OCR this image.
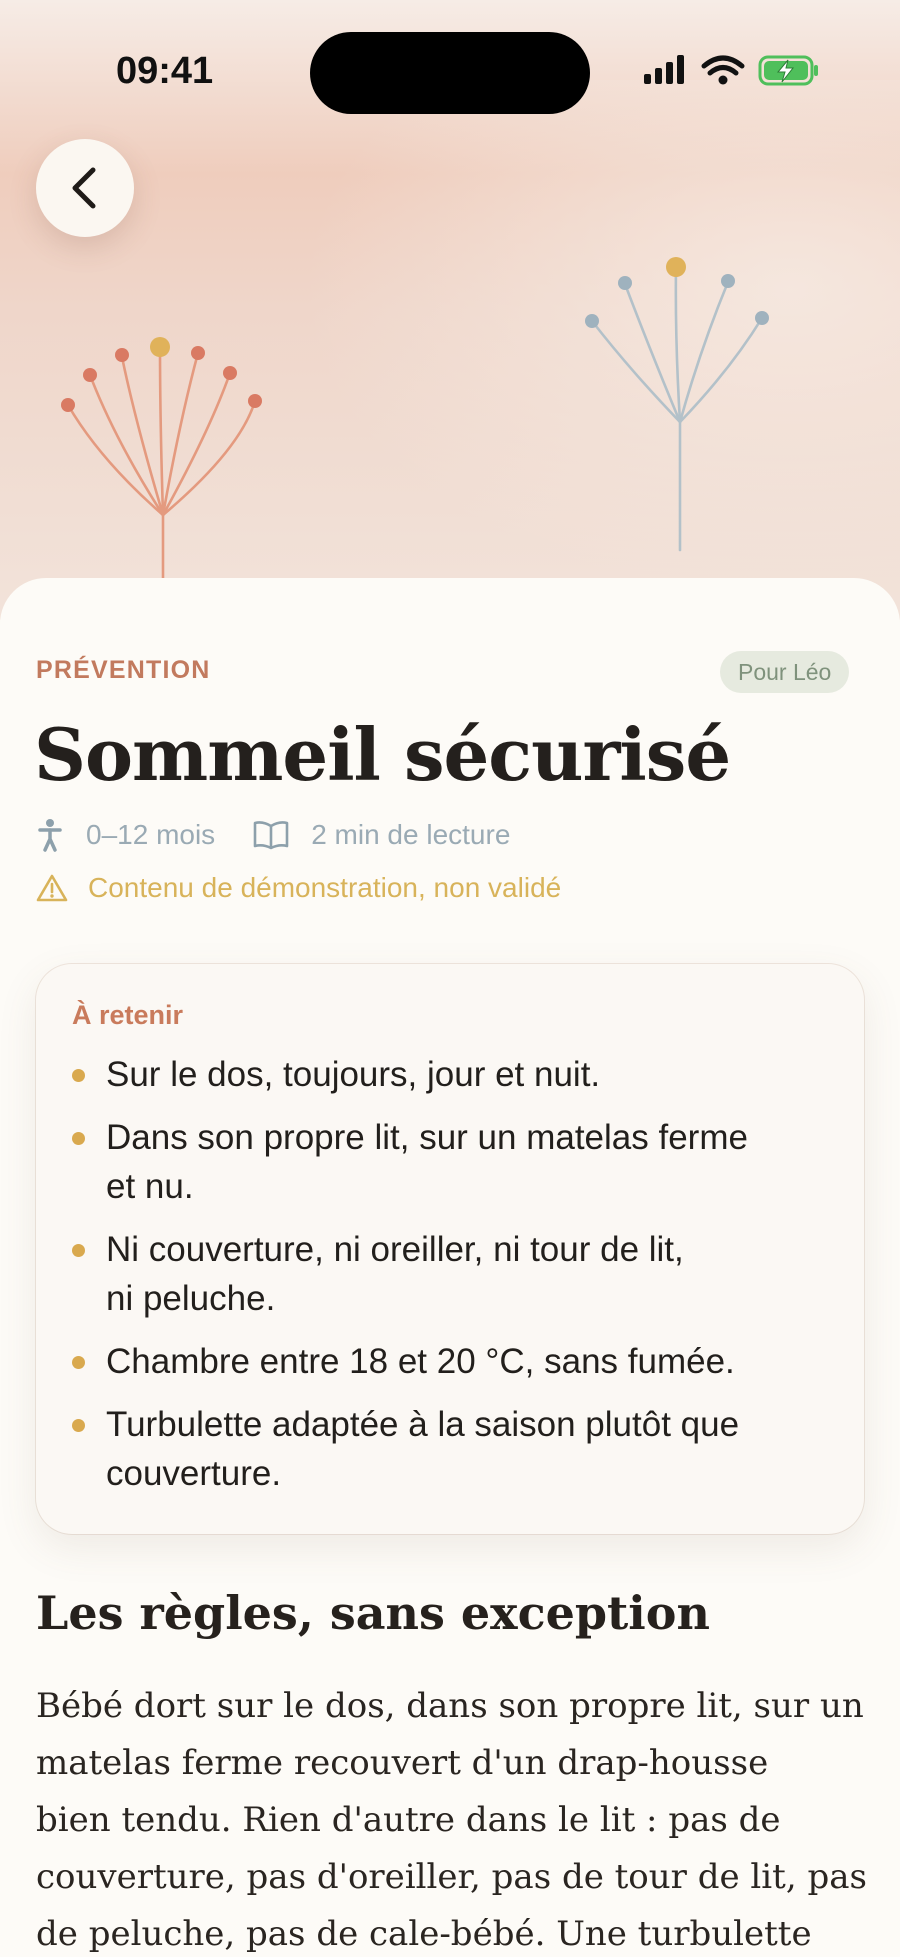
09:41
PRÉVENTION	Pour Léo
Sommeil sécurisé
0–12 mois	2 min de lecture
Contenu de démonstration, non validé
À retenir
Sur le dos, toujours, jour et nuit.
Dans son propre lit, sur un matelas ferme
et nu.
Ni couverture, ni oreiller, ni tour de lit,
ni peluche.
Chambre entre 18 et 20 °C, sans fumée.
Turbulette adaptée à la saison plutôt que
couverture.
Les règles, sans exception

Bébé dort sur le dos, dans son propre lit, sur un
matelas ferme recouvert d'un drap-housse
bien tendu. Rien d'autre dans le lit : pas de
couverture, pas d'oreiller, pas de tour de lit, pas
de peluche, pas de cale-bébé. Une turbulette
